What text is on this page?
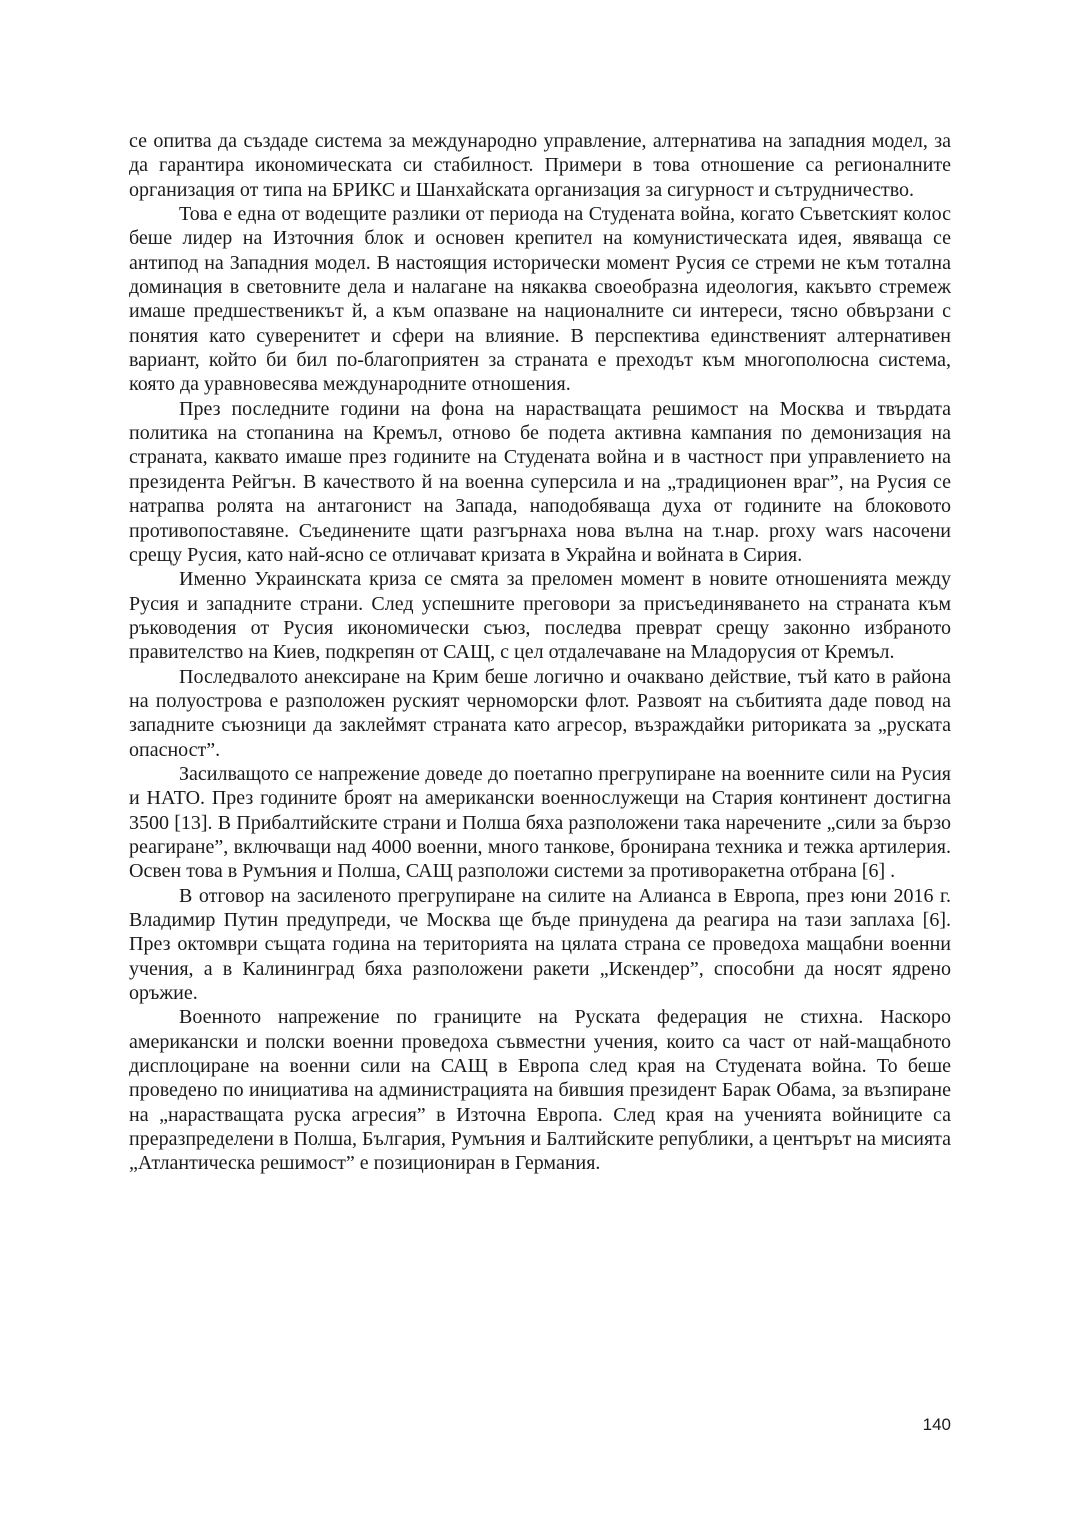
се опитва да създаде система за международно управление, алтернатива на западния модел, за да гарантира икономическата си стабилност. Примери в това отношение са регионалните организация от типа на БРИКС и Шанхайската организация за сигурност и сътрудничество.

Това е една от водещите разлики от периода на Студената война, когато Съветският колос беше лидер на Източния блок и основен крепител на комунистическата идея, явяваща се антипод на Западния модел. В настоящия исторически момент Русия се стреми не към тотална доминация в световните дела и налагане на някаква своеобразна идеология, какъвто стремеж имаше предшественикът й, а към опазване на националните си интереси, тясно обвързани с понятия като суверенитет и сфери на влияние. В перспектива единственият алтернативен вариант, който би бил по-благоприятен за страната е преходът към многополюсна система, която да уравновесява международните отношения.

През последните години на фона на нарастващата решимост на Москва и твърдата политика на стопанина на Кремъл, отново бе подета активна кампания по демонизация на страната, каквато имаше през годините на Студената война и в частност при управлението на президента Рейгън. В качеството й на военна суперсила и на „традиционен враг”, на Русия се натрапва ролята на антагонист на Запада, наподобяваща духа от годините на блоковото противопоставяне. Съединените щати разгърнаха нова вълна на т.нар. proxy wars насочени срещу Русия, като най-ясно се отличават кризата в Украйна и войната в Сирия.

Именно Украинската криза се смята за преломен момент в новите отношенията между Русия и западните страни. След успешните преговори за присъединяването на страната към ръководения от Русия икономически съюз, последва преврат срещу законно избраното правителство на Киев, подкрепян от САЩ, с цел отдалечаване на Младорусия от Кремъл.

Последвалото анексиране на Крим беше логично и очаквано действие, тъй като в района на полуострова е разположен руският черноморски флот. Развоят на събитията даде повод на западните съюзници да заклеймят страната като агресор, възраждайки риториката за „руската опасност”.

Засилващото се напрежение доведе до поетапно прегрупиране на военните сили на Русия и НАТО. През годините броят на американски военнослужещи на Стария континент достигна 3500 [13]. В Прибалтийските страни и Полша бяха разположени така наречените „сили за бързо реагиране”, включващи над 4000 военни, много танкове, бронирана техника и тежка артилерия. Освен това в Румъния и Полша, САЩ разположи системи за противоракетна отбрана [6] .

В отговор на засиленото прегрупиране на силите на Алианса в Европа, през юни 2016 г. Владимир Путин предупреди, че Москва ще бъде принудена да реагира на тази заплаха [6]. През октомври същата година на територията на цялата страна се проведоха мащабни военни учения, а в Калининград бяха разположени ракети „Искендер”, способни да носят ядрено оръжие.

Военното напрежение по границите на Руската федерация не стихна. Наскоро американски и полски военни проведоха съвместни учения, които са част от най-мащабното дисплоциране на военни сили на САЩ в Европа след края на Студената война. То беше проведено по инициатива на администрацията на бившия президент Барак Обама, за възпиране на „нарастващата руска агресия” в Източна Европа. След края на ученията войниците са преразпределени в Полша, България, Румъния и Балтийските републики, а центърът на мисията „Атлантическа решимост” е позициониран в Германия.

140
